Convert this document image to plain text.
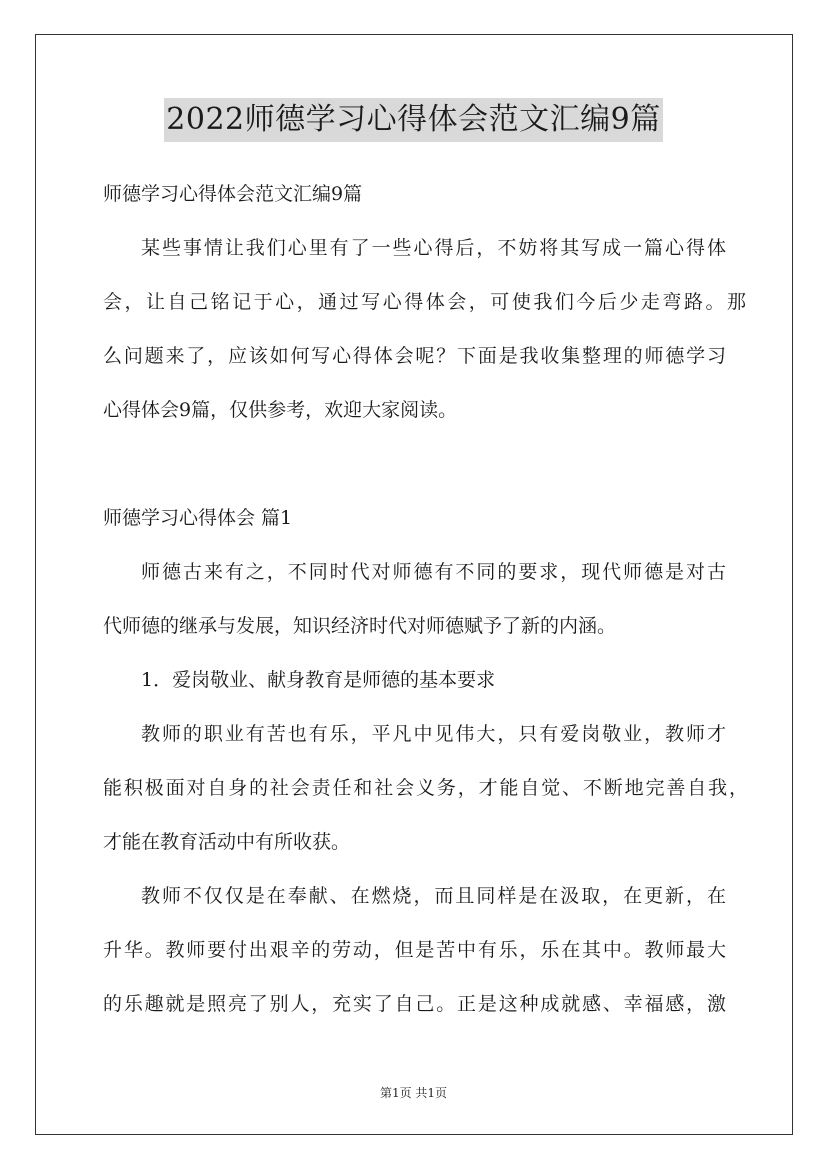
2022师德学习心得体会范文汇编9篇
师德学习心得体会范文汇编9篇
某些事情让我们心里有了一些心得后，不妨将其写成一篇心得体
会，让自己铭记于心，通过写心得体会，可使我们今后少走弯路。那
么问题来了，应该如何写心得体会呢？下面是我收集整理的师德学习
心得体会9篇，仅供参考，欢迎大家阅读。
师德学习心得体会 篇1
师德古来有之，不同时代对师德有不同的要求，现代师德是对古
代师德的继承与发展，知识经济时代对师德赋予了新的内涵。
1．爱岗敬业、献身教育是师德的基本要求
教师的职业有苦也有乐，平凡中见伟大，只有爱岗敬业，教师才
能积极面对自身的社会责任和社会义务，才能自觉、不断地完善自我，
才能在教育活动中有所收获。
教师不仅仅是在奉献、在燃烧，而且同样是在汲取，在更新，在
升华。教师要付出艰辛的劳动，但是苦中有乐，乐在其中。教师最大
的乐趣就是照亮了别人，充实了自己。正是这种成就感、幸福感，激
第1页 共1页
